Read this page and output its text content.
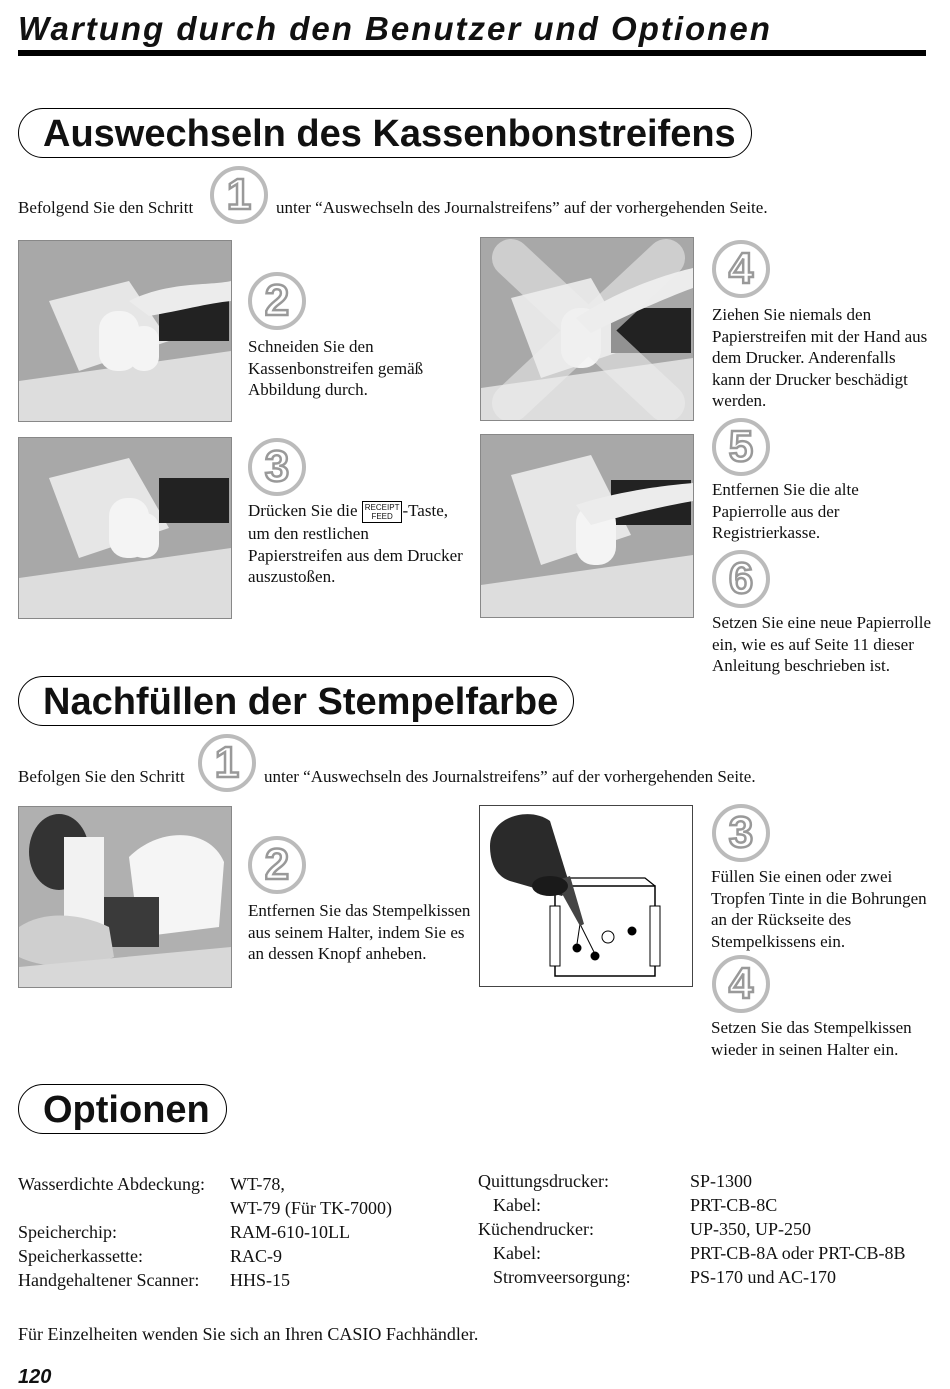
Wartung durch den Benutzer und Optionen
Auswechseln des Kassenbonstreifens
Befolgend Sie den Schritt 1 unter “Auswechseln des Journalstreifens” auf der vorhergehenden Seite.
2
Schneiden Sie den Kassenbonstreifen gemäß Abbildung durch.
3
Drücken Sie die RECEIPT
FEED -Taste, um den restlichen Papierstreifen aus dem Drucker auszustoßen.
4
Ziehen Sie niemals den Papierstreifen mit der Hand aus dem Drucker. Anderenfalls kann der Drucker beschädigt werden.
5
Entfernen Sie die alte Papierrolle aus der Registrierkasse.
6
Setzen Sie eine neue Papierrolle ein, wie es auf Seite 11 dieser Anleitung beschrieben ist.
Nachfüllen der Stempelfarbe
Befolgen Sie den Schritt 1 unter “Auswechseln des Journalstreifens” auf der vorhergehenden Seite.
2
Entfernen Sie das Stempelkissen aus seinem Halter, indem Sie es an dessen Knopf anheben.
3
Füllen Sie einen oder zwei Tropfen Tinte in die Bohrungen an der Rückseite des Stempelkissens ein.
4
Setzen Sie das Stempelkissen wieder in seinen Halter ein.
Optionen
Wasserdichte Abdeckung: WT-78,
WT-79 (Für TK-7000)
Speicherchip:	RAM-610-10LL
Speicherkassette:	RAC-9
Handgehaltener Scanner: HHS-15
Quittungsdrucker:	SP-1300
Kabel:	PRT-CB-8C
Küchendrucker:	UP-350, UP-250
Kabel:	PRT-CB-8A oder PRT-CB-8B
Stromveersorgung:	PS-170 und AC-170
Für Einzelheiten wenden Sie sich an Ihren CASIO Fachhändler.
120
